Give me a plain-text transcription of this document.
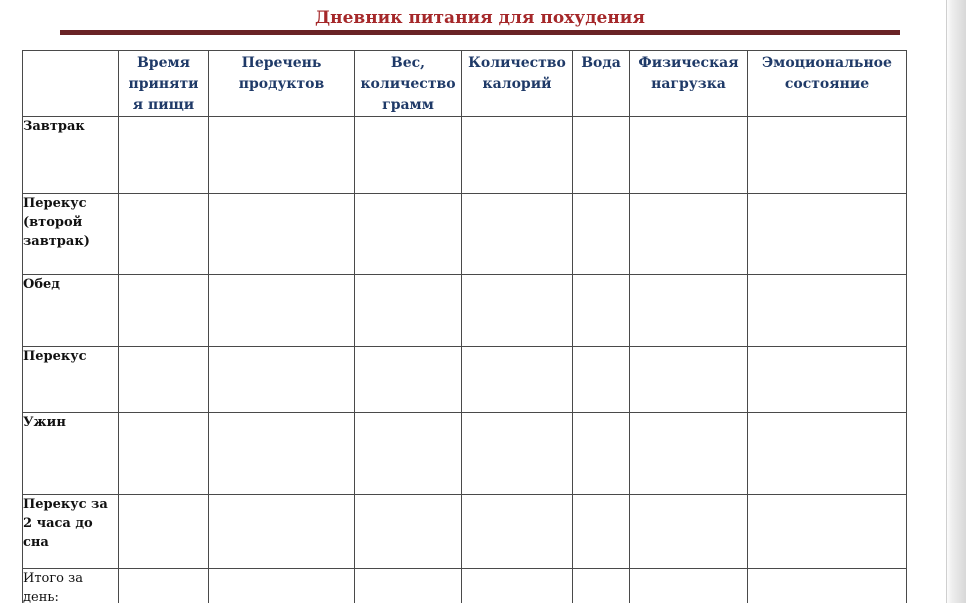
Дневник питания для похудения

	Время приняти я пищи	Перечень продуктов	Вес, количество грамм	Количество калорий	Вода	Физическая нагрузка	Эмоциональное состояние

Завтрак							
Перекус (второй завтрак)							
Обед							
Перекус							
Ужин							
Перекус за 2 часа до сна							
Итого за день:							
